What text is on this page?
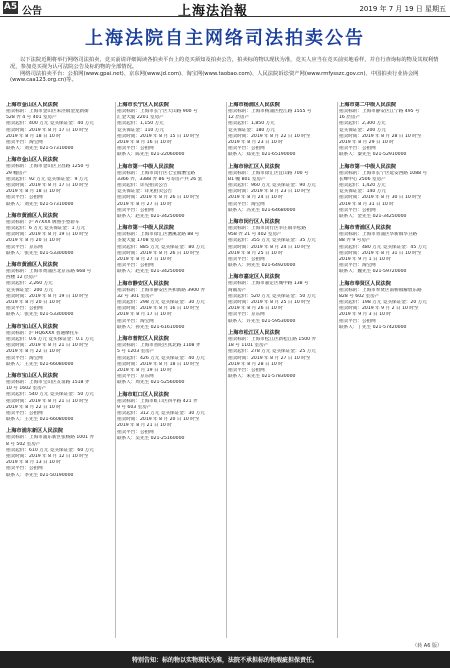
A5 公告	上海法治報	2019 年 7 月 19 日 星期五
上海法院自主网络司法拍卖公告

以下法院近期将举行网络司法拍卖，竞买前请详细阅读各拍卖平台上的竞买须知及拍卖公告，拍卖标的物以现状为准，竞买人应当在竞买前实地看样，并自行查询标的物及其权利情况，参加竞买视为认可法院公告及标的物的全部情况。

网络司法拍卖平台：公拍网(www.gpai.net)、京东网(www.jd.com)、淘宝网(www.taobao.com)、人民法院诉讼资产网(www.rmfysszc.gov.cn)、中国拍卖行业协会网(www.caa123.org.cn)等。

上海市金山区人民法院
拍卖标的：上海市金山区朱泾镇金龙新街
528 弄 4 号 401 室房产
拍卖起价：400 万元 竞买保证金：40 万元
拍卖时间：2019 年 8 月 17 日 10 时至
2019 年 8 月 18 日 10 时
拍卖平台：淘宝网
联系人：刘先生 021-57310000
上海市金山区人民法院
拍卖标的：上海市金山区卫昌路 1250 号
29 幢房产
拍卖起价：92 万元 竞买保证金：9 万元
拍卖时间：2019 年 8 月 17 日 10 时至
2019 年 8 月 18 日 10 时
拍卖平台：公拍网
联系人：刘先生 021-57310000
上海市黄浦区人民法院
拍卖标的：沪 A7XXX 牌照小型轿车
拍卖起价：6 万元 竞买保证金：1 万元
拍卖时间：2019 年 8 月 19 日 10 时至
2019 年 8 月 20 日 10 时
拍卖平台：京东网
联系人：张先生 021-53300000
上海市黄浦区人民法院
拍卖标的：上海市黄浦区北京东路 668 号
西楼 12 层房产
拍卖起价：2,260 万元
竞买保证金：200 万元
拍卖时间：2019 年 8 月 19 日 10 时至
2019 年 8 月 20 日 10 时
拍卖平台：公拍网
联系人：张先生 021-53300000
上海市宝山区人民法院
拍卖标的：沪 HQ6XXX 普通摩托车
拍卖起价：0.6 万元 竞买保证金：0.1 万元
拍卖时间：2019 年 8 月 21 日 10 时至
2019 年 8 月 22 日 10 时
拍卖平台：淘宝网
联系人：王先生 021-66080000
上海市宝山区人民法院
拍卖标的：上海市宝山区友谊路 1518 弄
10 号 1602 室房产
拍卖起价：540 万元 竞买保证金：50 万元
拍卖时间：2019 年 8 月 21 日 10 时至
2019 年 8 月 22 日 10 时
拍卖平台：公拍网
联系人：王先生 021-66080000
上海市浦东新区人民法院
拍卖标的：上海市浦东新区张杨路 1001 弄
8 号 502 室房产
拍卖起价：610 万元 竞买保证金：60 万元
拍卖时间：2019 年 8 月 12 日 10 时至
2019 年 8 月 13 日 10 时
拍卖平台：公拍网
联系人：李先生 021-50190000
上海市长宁区人民法院
拍卖标的：上海市长宁区天山路 900 号
汇金大厦 2201 室房产
拍卖起价：1,150 万元
竞买保证金：110 万元
拍卖时间：2019 年 8 月 15 日 10 时至
2019 年 8 月 16 日 10 时
拍卖平台：公拍网
联系人：陈先生 021-22060000
上海市第一中级人民法院
拍卖标的：上海市闵行区七宝镇漕宝路
3366 弄、3388 弄 86 号等房产共 26 套
拍卖起价：详见拍卖公告
竞买保证金：详见拍卖公告
拍卖时间：2019 年 8 月 26 日 10 时至
2019 年 8 月 27 日 10 时
拍卖平台：公拍网
联系人：赵先生 021-34250000
上海市第一中级人民法院
拍卖标的：上海市徐汇区漕溪北路 88 号
圣爱大厦 1708 室房产
拍卖起价：885 万元 竞买保证金：80 万元
拍卖时间：2019 年 8 月 26 日 10 时至
2019 年 8 月 27 日 10 时
拍卖平台：公拍网
联系人：赵先生 021-34250000
上海市静安区人民法院
拍卖标的：上海市静安区共和新路 3900 弄
32 号 301 室房产
拍卖起价：298 万元 竞买保证金：30 万元
拍卖时间：2019 年 8 月 16 日 10 时至
2019 年 8 月 17 日 10 时
拍卖平台：淘宝网
联系人：孙先生 021-61610000
上海市普陀区人民法院
拍卖标的：上海市普陀区真北路 1108 弄
5 号 1203 室房产
拍卖起价：426 万元 竞买保证金：40 万元
拍卖时间：2019 年 8 月 18 日 10 时至
2019 年 8 月 19 日 10 时
拍卖平台：京东网
联系人：周先生 021-52560000
上海市虹口区人民法院
拍卖标的：上海市虹口区四平路 421 弄
9 号 603 室房产
拍卖起价：312 万元 竞买保证金：30 万元
拍卖时间：2019 年 8 月 20 日 10 时至
2019 年 8 月 21 日 10 时
拍卖平台：公拍网
联系人：吴先生 021-25160000
上海市杨浦区人民法院
拍卖标的：上海市杨浦区控江路 1555 号
12 层房产
拍卖起价：1,850 万元
竞买保证金：180 万元
拍卖时间：2019 年 8 月 22 日 10 时至
2019 年 8 月 23 日 10 时
拍卖平台：公拍网
联系人：郑先生 021-65190000
上海市徐汇区人民法院
拍卖标的：上海市徐汇区宜山路 700 号
B1 幢 801 室房产
拍卖起价：960 万元 竞买保证金：90 万元
拍卖时间：2019 年 8 月 23 日 10 时至
2019 年 8 月 24 日 10 时
拍卖平台：淘宝网
联系人：冯先生 021-64680000
上海市闵行区人民法院
拍卖标的：上海市闵行区莘庄镇莘松路
958 弄 21 号 402 室房产
拍卖起价：355 万元 竞买保证金：35 万元
拍卖时间：2019 年 8 月 24 日 10 时至
2019 年 8 月 25 日 10 时
拍卖平台：公拍网
联系人：何先生 021-64920000
上海市嘉定区人民法院
拍卖标的：上海市嘉定区城中路 138 号
商铺房产
拍卖起价：520 万元 竞买保证金：50 万元
拍卖时间：2019 年 8 月 25 日 10 时至
2019 年 8 月 26 日 10 时
拍卖平台：京东网
联系人：许先生 021-59530000
上海市松江区人民法院
拍卖标的：上海市松江区新松江路 1500 弄
18 号 1101 室房产
拍卖起价：278 万元 竞买保证金：25 万元
拍卖时间：2019 年 8 月 27 日 10 时至
2019 年 8 月 28 日 10 时
拍卖平台：公拍网
联系人：朱先生 021-57830000
上海市第二中级人民法院
拍卖标的：上海市静安区江宁路 495 号
16 层房产
拍卖起价：2,300 万元
竞买保证金：200 万元
拍卖时间：2019 年 8 月 28 日 10 时至
2019 年 8 月 29 日 10 时
拍卖平台：公拍网
联系人：秦先生 021-52910000
上海市第一中级人民法院
拍卖标的：上海市长宁区延安西路 1088 号
长峰中心 2506 室房产
拍卖起价：1,420 万元
竞买保证金：140 万元
拍卖时间：2019 年 8 月 30 日 10 时至
2019 年 8 月 31 日 10 时
拍卖平台：公拍网
联系人：金先生 021-34250000
上海市青浦区人民法院
拍卖标的：上海市青浦区华新镇华卫路
88 弄 9 号房产
拍卖起价：480 万元 竞买保证金：45 万元
拍卖时间：2019 年 8 月 31 日 10 时至
2019 年 9 月 1 日 10 时
拍卖平台：淘宝网
联系人：魏先生 021-59720000
上海市奉贤区人民法院
拍卖标的：上海市奉贤区南桥镇解放东路
828 号 602 室房产
拍卖起价：198 万元 竞买保证金：20 万元
拍卖时间：2019 年 9 月 2 日 10 时至
2019 年 9 月 3 日 10 时
拍卖平台：公拍网
联系人：丁先生 021-57420000
（转 A6 版）
特别告知：标的物以实物现状为准，法院不承担标的物瑕疵担保责任。
